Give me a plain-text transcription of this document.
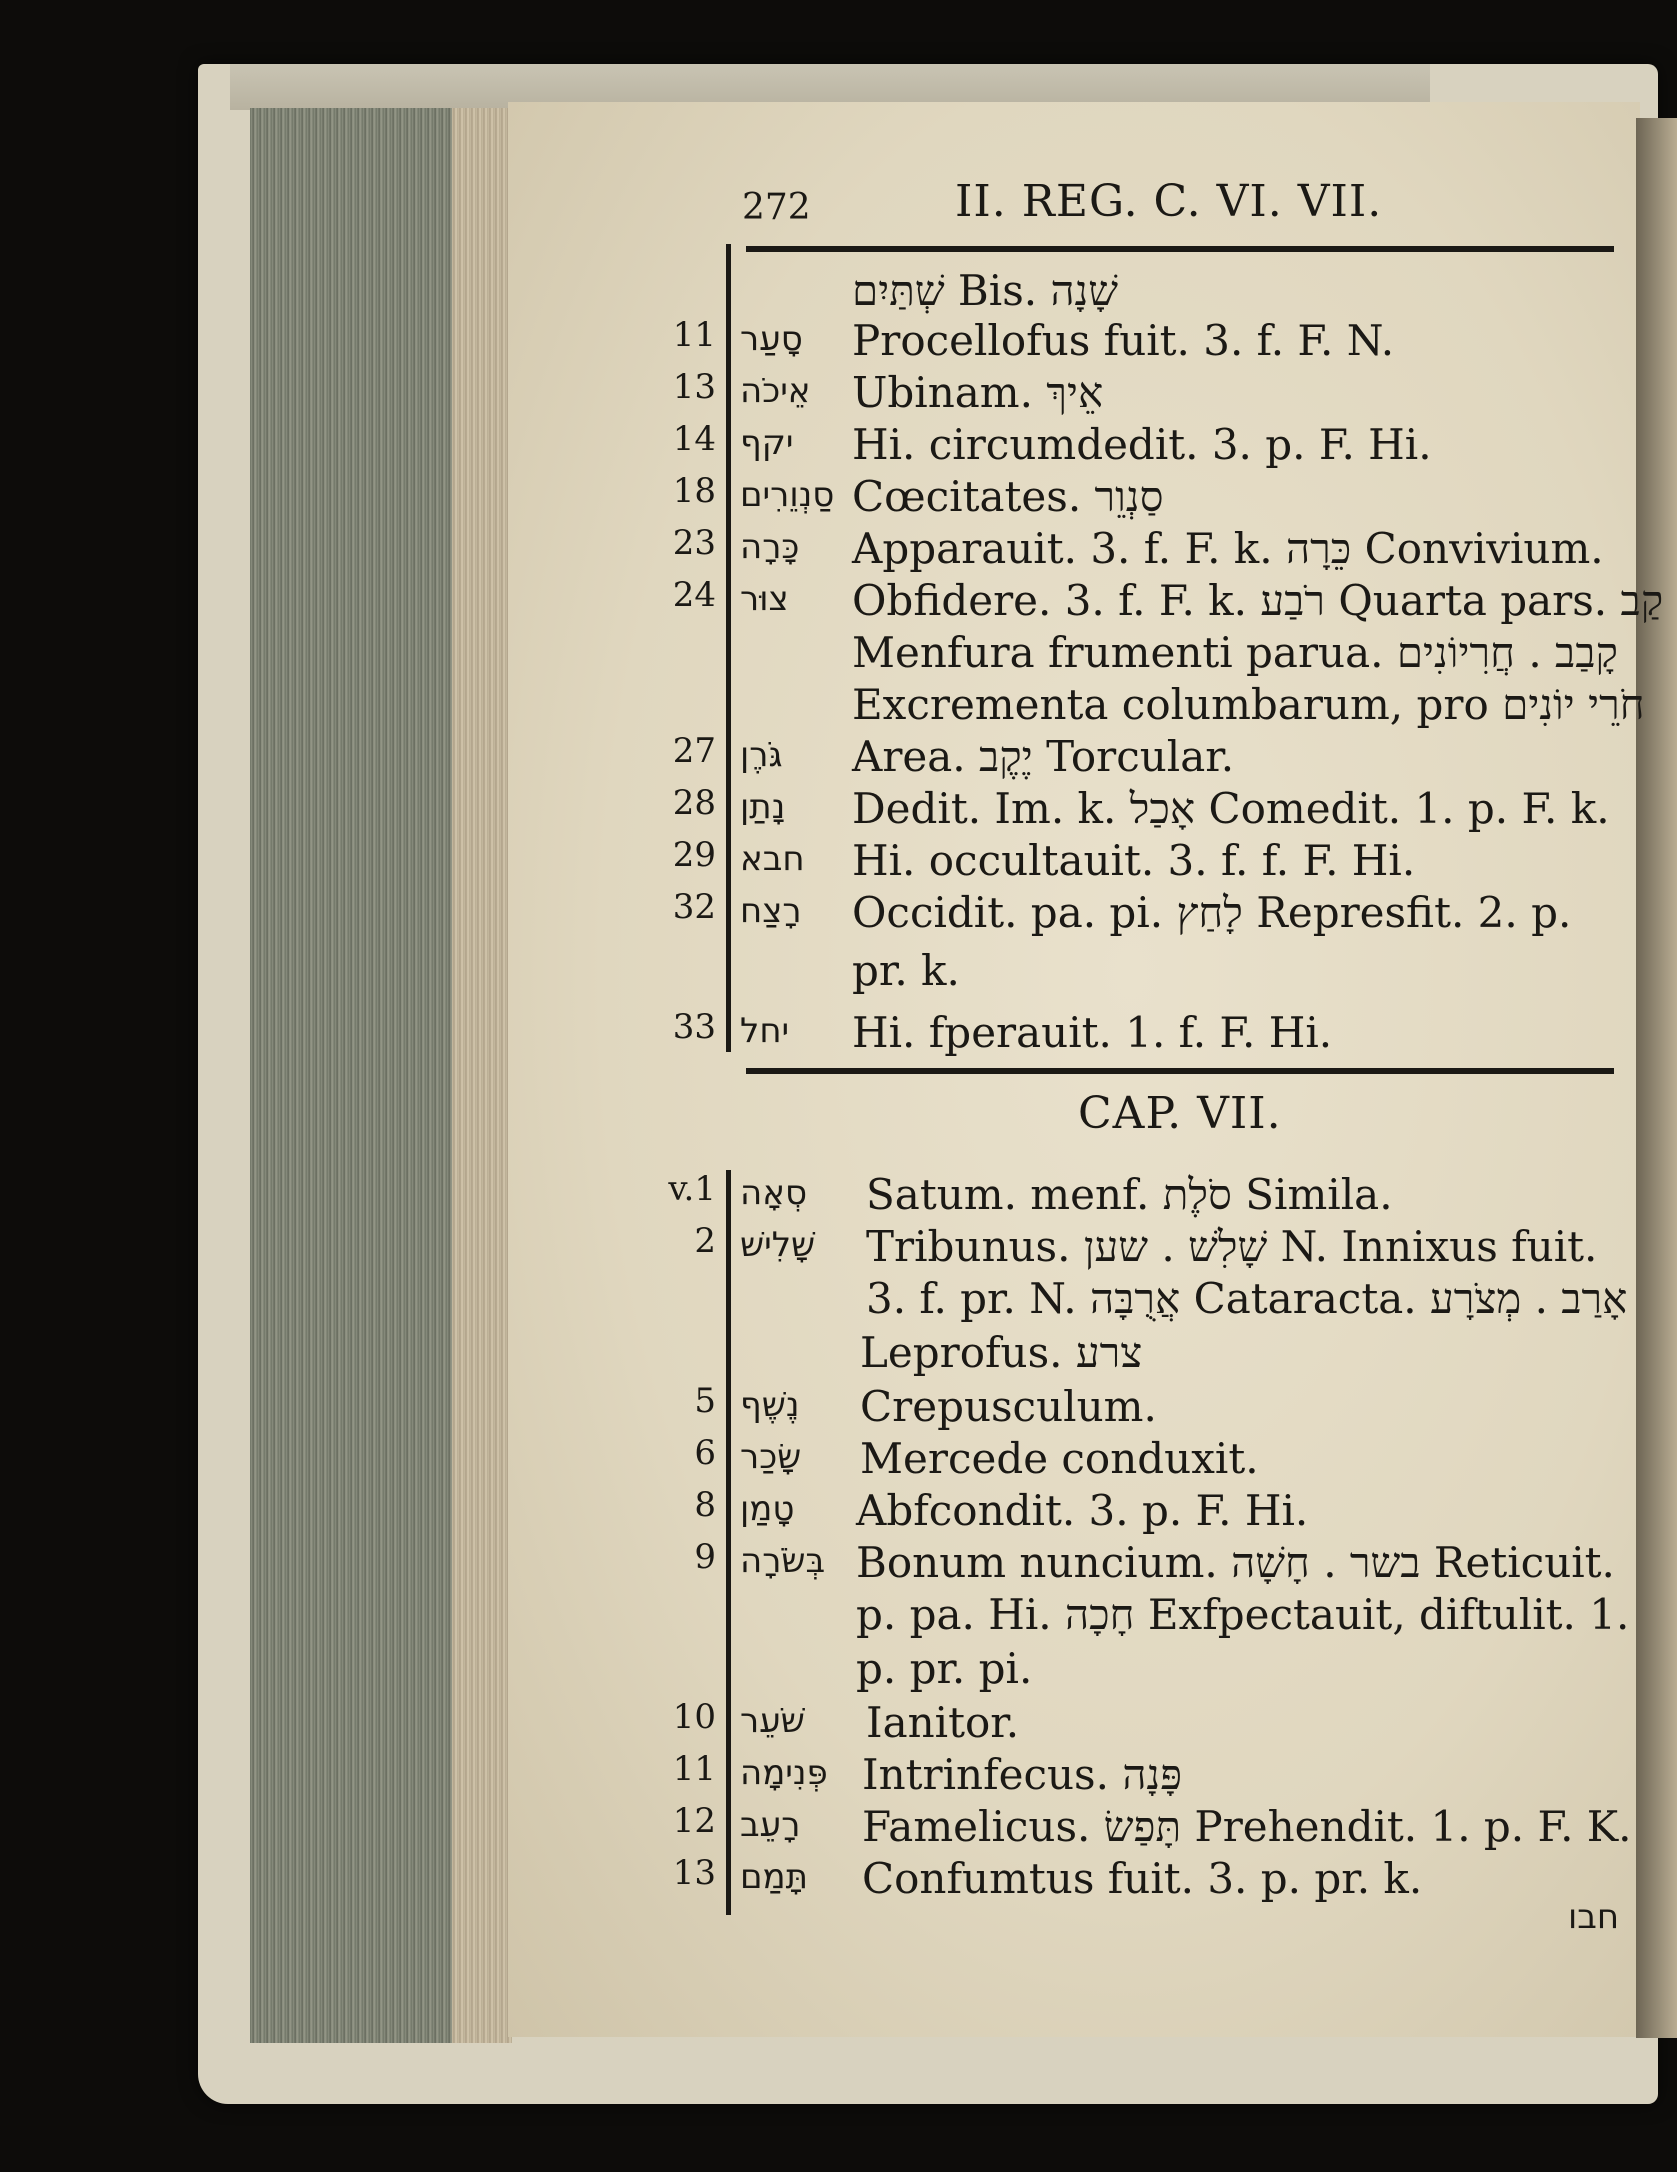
272	II. REG. C. VI. VII.
CAP. VII.
11
13
14
18
23
24
27
28
29
32
33
v.1
2
5
6
8
9
10
11
12
13
סָעַר
אֵיכֹה
יקף
סַנְוֵרִים
כָּרָה
צוּר
גֹּרֶן
נָתַן
חבא
רָצַח
יחל
סְאָה
שָׁלִישׁ
נֶשֶׁף
שָׂכַר
טָמַן
בְּשֹׂרָה
שֹׁעֵר
פְּנִימָה
רָעֵב
תָּמַם
שְׁתַּיִם Bis. שָׁנָה
Procellofus fuit. 3. f. F. N.
Ubinam. אֵיךְ
Hi. circumdedit. 3. p. F. Hi.
Cœcitates. סַנְוֵר
Apparauit. 3. f. F. k. כֵּרָה Convivium.
Obfidere. 3. f. F. k. רֹבַע Quarta pars. קַב
Menfura frumenti parua. קָבַב . חֲרִיוֹנִים
Excrementa columbarum, pro חֹרֵי יוֹנִים
Area. יֶקֶב Torcular.
Dedit. Im. k. אָכַל Comedit. 1. p. F. k.
Hi. occultauit. 3. f. f. F. Hi.
Occidit. pa. pi. לָחַץ Represfit. 2. p.
pr. k.
Hi. fperauit. 1. f. F. Hi.
Satum. menf. סֹלֶת Simila.
Tribunus. שָׁלִשׁ . שען N. Innixus fuit.
3. f. pr. N. אֲרֻבָּה Cataracta. אָרַב . מְצֹרָע
Leprofus. צרע
Crepusculum.
Mercede conduxit.
Abfcondit. 3. p. F. Hi.
Bonum nuncium. בשר . חָשָׁה Reticuit.
p. pa. Hi. חָכָה Exfpectauit, diftulit. 1.
p. pr. pi.
Ianitor.
Intrinfecus. פָּנָה
Famelicus. תָּפַשׂ Prehendit. 1. p. F. K.
Confumtus fuit. 3. p. pr. k.
חבו
